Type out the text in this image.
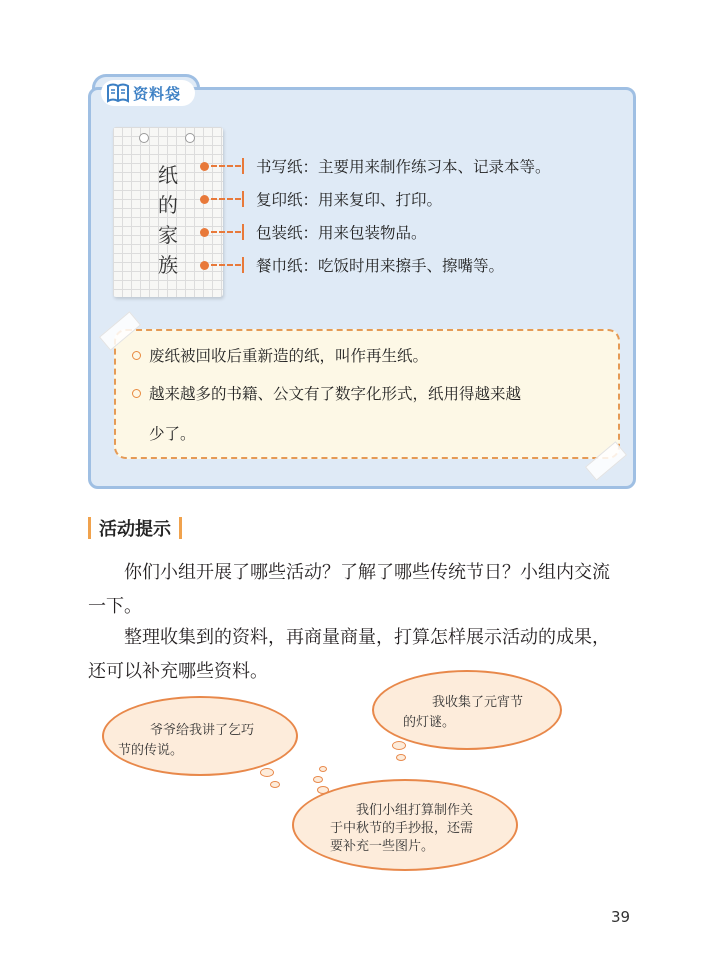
资料袋
纸
的
家
族
书写纸：主要用来制作练习本、记录本等。
复印纸：用来复印、打印。
包装纸：用来包装物品。
餐巾纸：吃饭时用来擦手、擦嘴等。
废纸被回收后重新造的纸，叫作再生纸。
越来越多的书籍、公文有了数字化形式，纸用得越来越
少了。
活动提示
你们小组开展了哪些活动？了解了哪些传统节日？小组内交流
一下。
整理收集到的资料，再商量商量，打算怎样展示活动的成果，
还可以补充哪些资料。
爷爷给我讲了乞巧
节的传说。
我收集了元宵节
的灯谜。
我们小组打算制作关
于中秋节的手抄报，还需
要补充一些图片。
39
